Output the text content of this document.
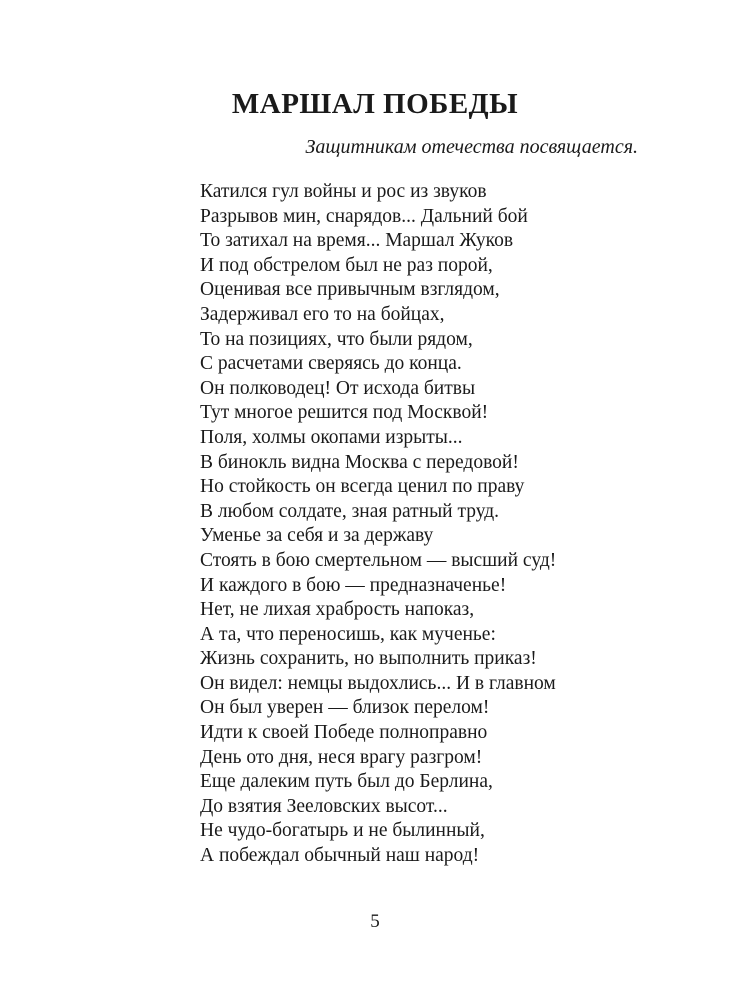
МАРШАЛ ПОБЕДЫ

Защитникам отечества посвящается.

Катился гул войны и рос из звуков
Разрывов мин, снарядов... Дальний бой
То затихал на время... Маршал Жуков
И под обстрелом был не раз порой,
Оценивая все привычным взглядом,
Задерживал его то на бойцах,
То на позициях, что были рядом,
С расчетами сверяясь до конца.
Он полководец! От исхода битвы
Тут многое решится под Москвой!
Поля, холмы окопами изрыты...
В бинокль видна Москва с передовой!
Но стойкость он всегда ценил по праву
В любом солдате, зная ратный труд.
Уменье за себя и за державу
Стоять в бою смертельном — высший суд!
И каждого в бою — предназначенье!
Нет, не лихая храбрость напоказ,
А та, что переносишь, как мученье:
Жизнь сохранить, но выполнить приказ!
Он видел: немцы выдохлись... И в главном
Он был уверен — близок перелом!
Идти к своей Победе полноправно
День ото дня, неся врагу разгром!
Еще далеким путь был до Берлина,
До взятия Зееловских высот...
Не чудо-богатырь и не былинный,
А побеждал обычный наш народ!
5
